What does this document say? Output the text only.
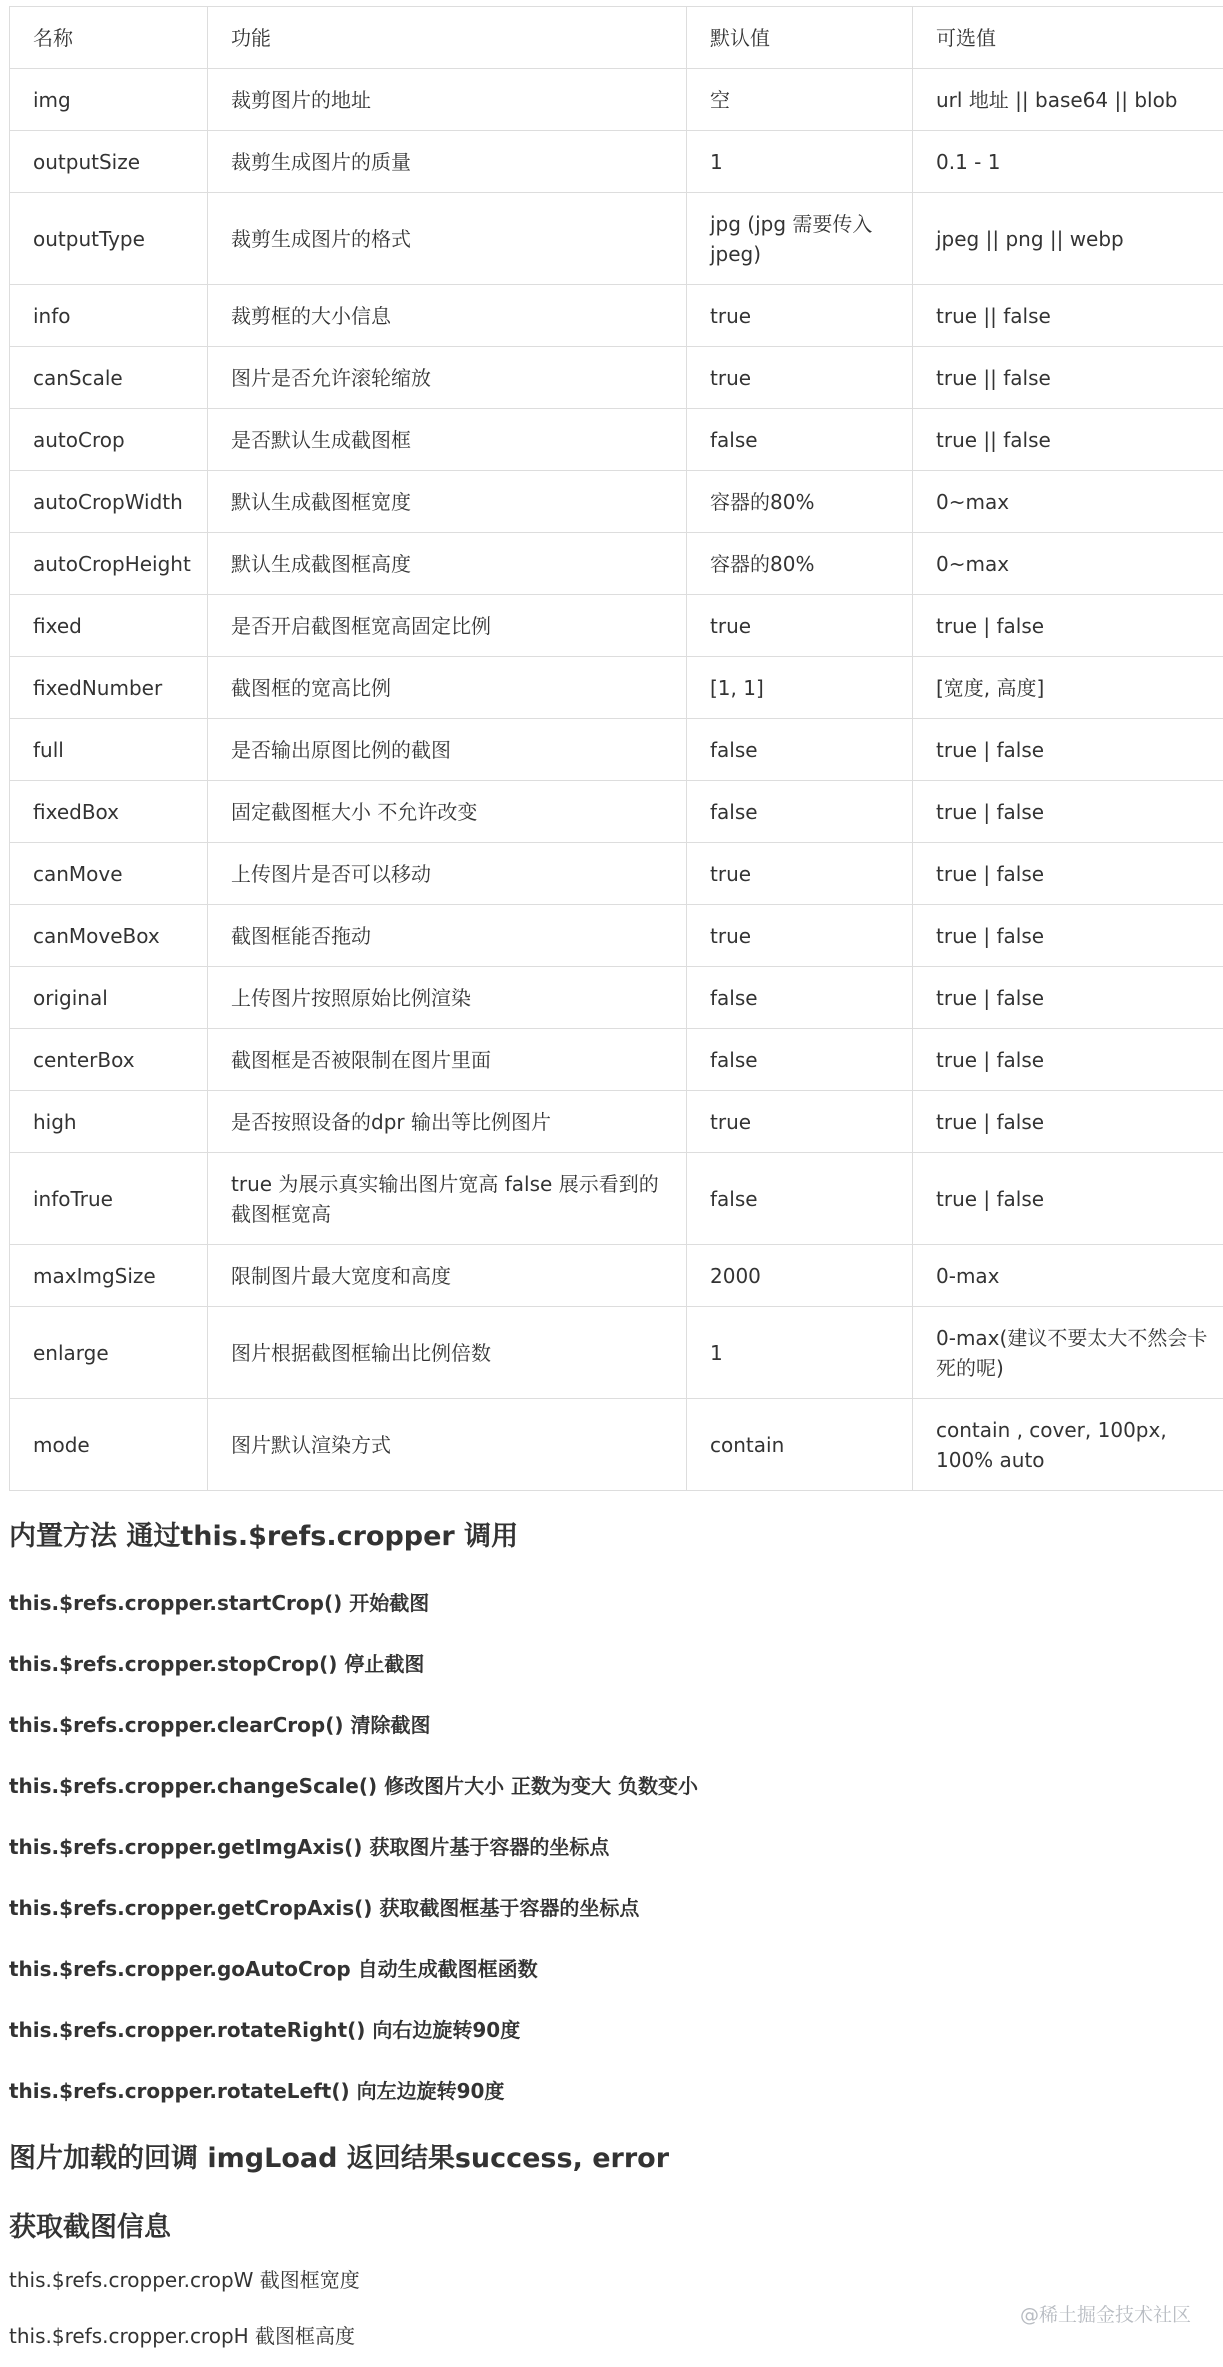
名称	功能	默认值	可选值
img	裁剪图片的地址	空	url 地址 || base64 || blob
outputSize	裁剪生成图片的质量	1	0.1 - 1
outputType	裁剪生成图片的格式	jpg (jpg 需要传入jpeg)	jpeg || png || webp
info	裁剪框的大小信息	true	true || false
canScale	图片是否允许滚轮缩放	true	true || false
autoCrop	是否默认生成截图框	false	true || false
autoCropWidth	默认生成截图框宽度	容器的80%	0~max
autoCropHeight	默认生成截图框高度	容器的80%	0~max
fixed	是否开启截图框宽高固定比例	true	true | false
fixedNumber	截图框的宽高比例	[1, 1]	[宽度, 高度]
full	是否输出原图比例的截图	false	true | false
fixedBox	固定截图框大小 不允许改变	false	true | false
canMove	上传图片是否可以移动	true	true | false
canMoveBox	截图框能否拖动	true	true | false
original	上传图片按照原始比例渲染	false	true | false
centerBox	截图框是否被限制在图片里面	false	true | false
high	是否按照设备的dpr 输出等比例图片	true	true | false
infoTrue	true 为展示真实输出图片宽高 false 展示看到的截图框宽高	false	true | false
maxImgSize	限制图片最大宽度和高度	2000	0-max
enlarge	图片根据截图框输出比例倍数	1	0-max(建议不要太大不然会卡死的呢)
mode	图片默认渲染方式	contain	contain , cover, 100px, 100% auto
内置方法 通过this.$refs.cropper 调用
this.$refs.cropper.startCrop() 开始截图
this.$refs.cropper.stopCrop() 停止截图
this.$refs.cropper.clearCrop() 清除截图
this.$refs.cropper.changeScale() 修改图片大小 正数为变大 负数变小
this.$refs.cropper.getImgAxis() 获取图片基于容器的坐标点
this.$refs.cropper.getCropAxis() 获取截图框基于容器的坐标点
this.$refs.cropper.goAutoCrop 自动生成截图框函数
this.$refs.cropper.rotateRight() 向右边旋转90度
this.$refs.cropper.rotateLeft() 向左边旋转90度
图片加载的回调 imgLoad 返回结果success, error
获取截图信息
this.$refs.cropper.cropW 截图框宽度
this.$refs.cropper.cropH 截图框高度
@稀土掘金技术社区
